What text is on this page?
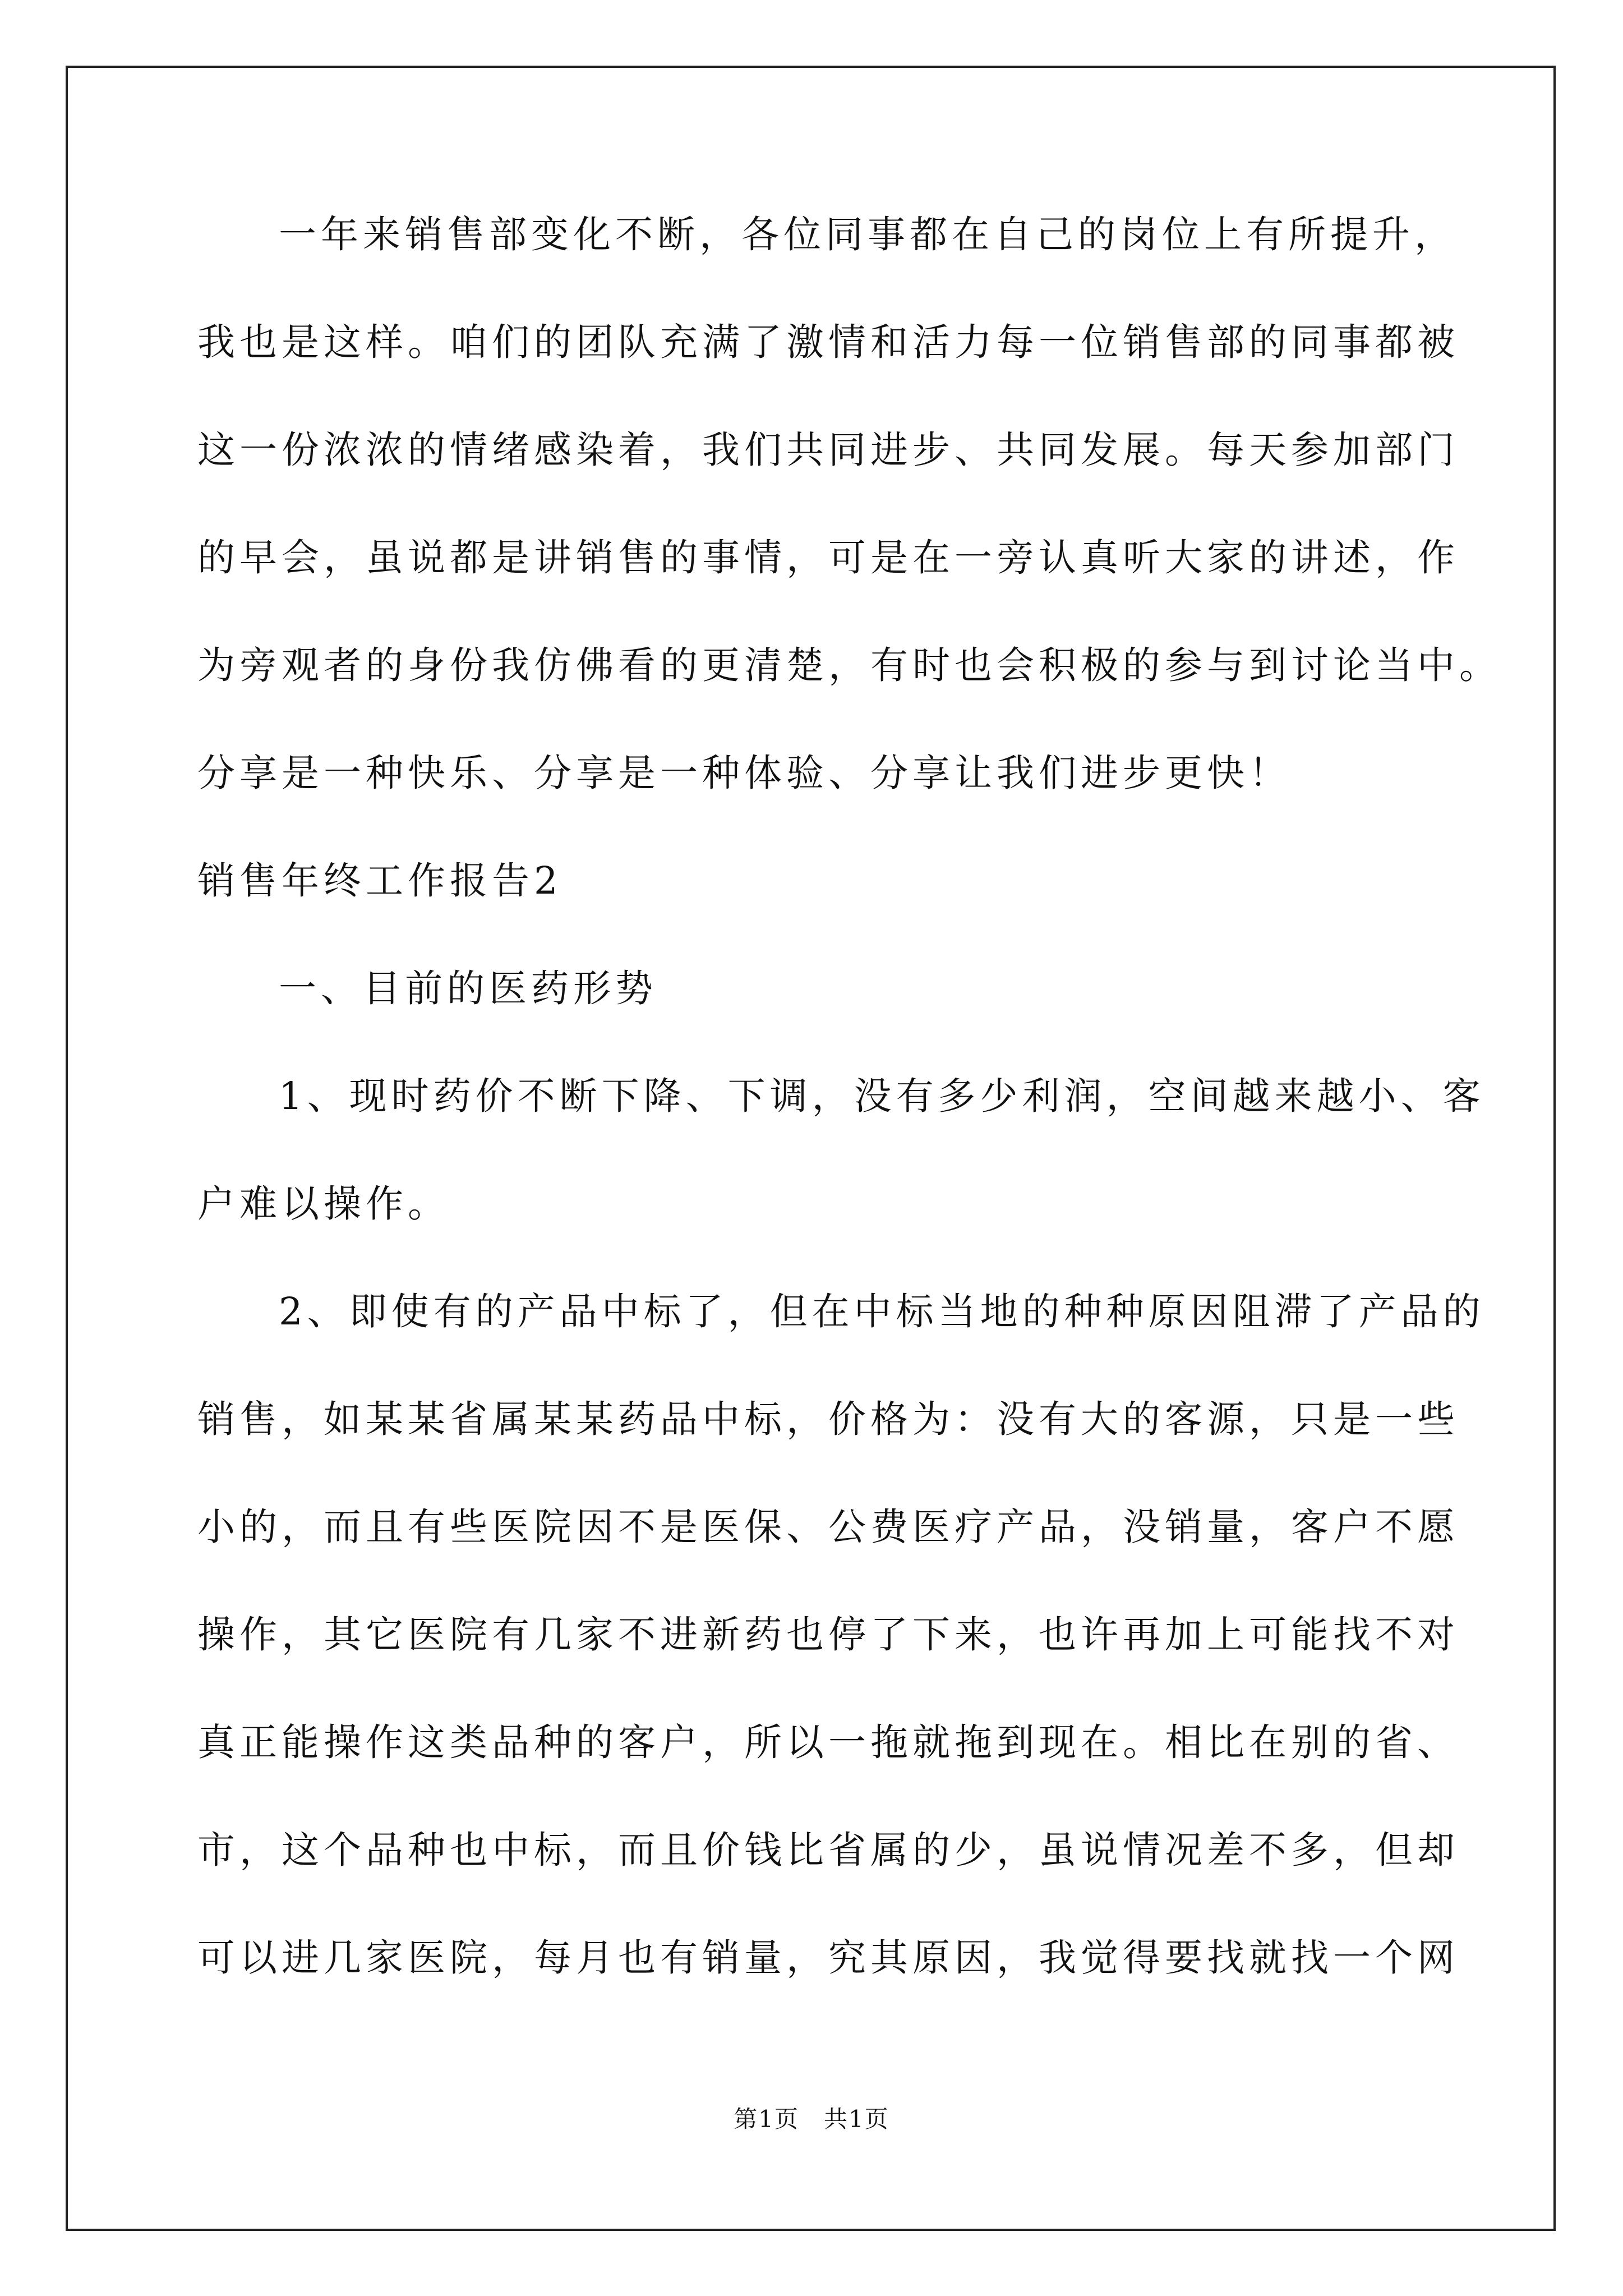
一年来销售部变化不断，各位同事都在自己的岗位上有所提升，
我也是这样。咱们的团队充满了激情和活力每一位销售部的同事都被
这一份浓浓的情绪感染着，我们共同进步、共同发展。每天参加部门
的早会，虽说都是讲销售的事情，可是在一旁认真听大家的讲述，作
为旁观者的身份我仿佛看的更清楚，有时也会积极的参与到讨论当中。
分享是一种快乐、分享是一种体验、分享让我们进步更快！
销售年终工作报告2
一、目前的医药形势
1、现时药价不断下降、下调，没有多少利润，空间越来越小、客
户难以操作。
2、即使有的产品中标了，但在中标当地的种种原因阻滞了产品的
销售，如某某省属某某药品中标，价格为：没有大的客源，只是一些
小的，而且有些医院因不是医保、公费医疗产品，没销量，客户不愿
操作，其它医院有几家不进新药也停了下来，也许再加上可能找不对
真正能操作这类品种的客户，所以一拖就拖到现在。相比在别的省、
市，这个品种也中标，而且价钱比省属的少，虽说情况差不多，但却
可以进几家医院，每月也有销量，究其原因，我觉得要找就找一个网
第1页　共1页
